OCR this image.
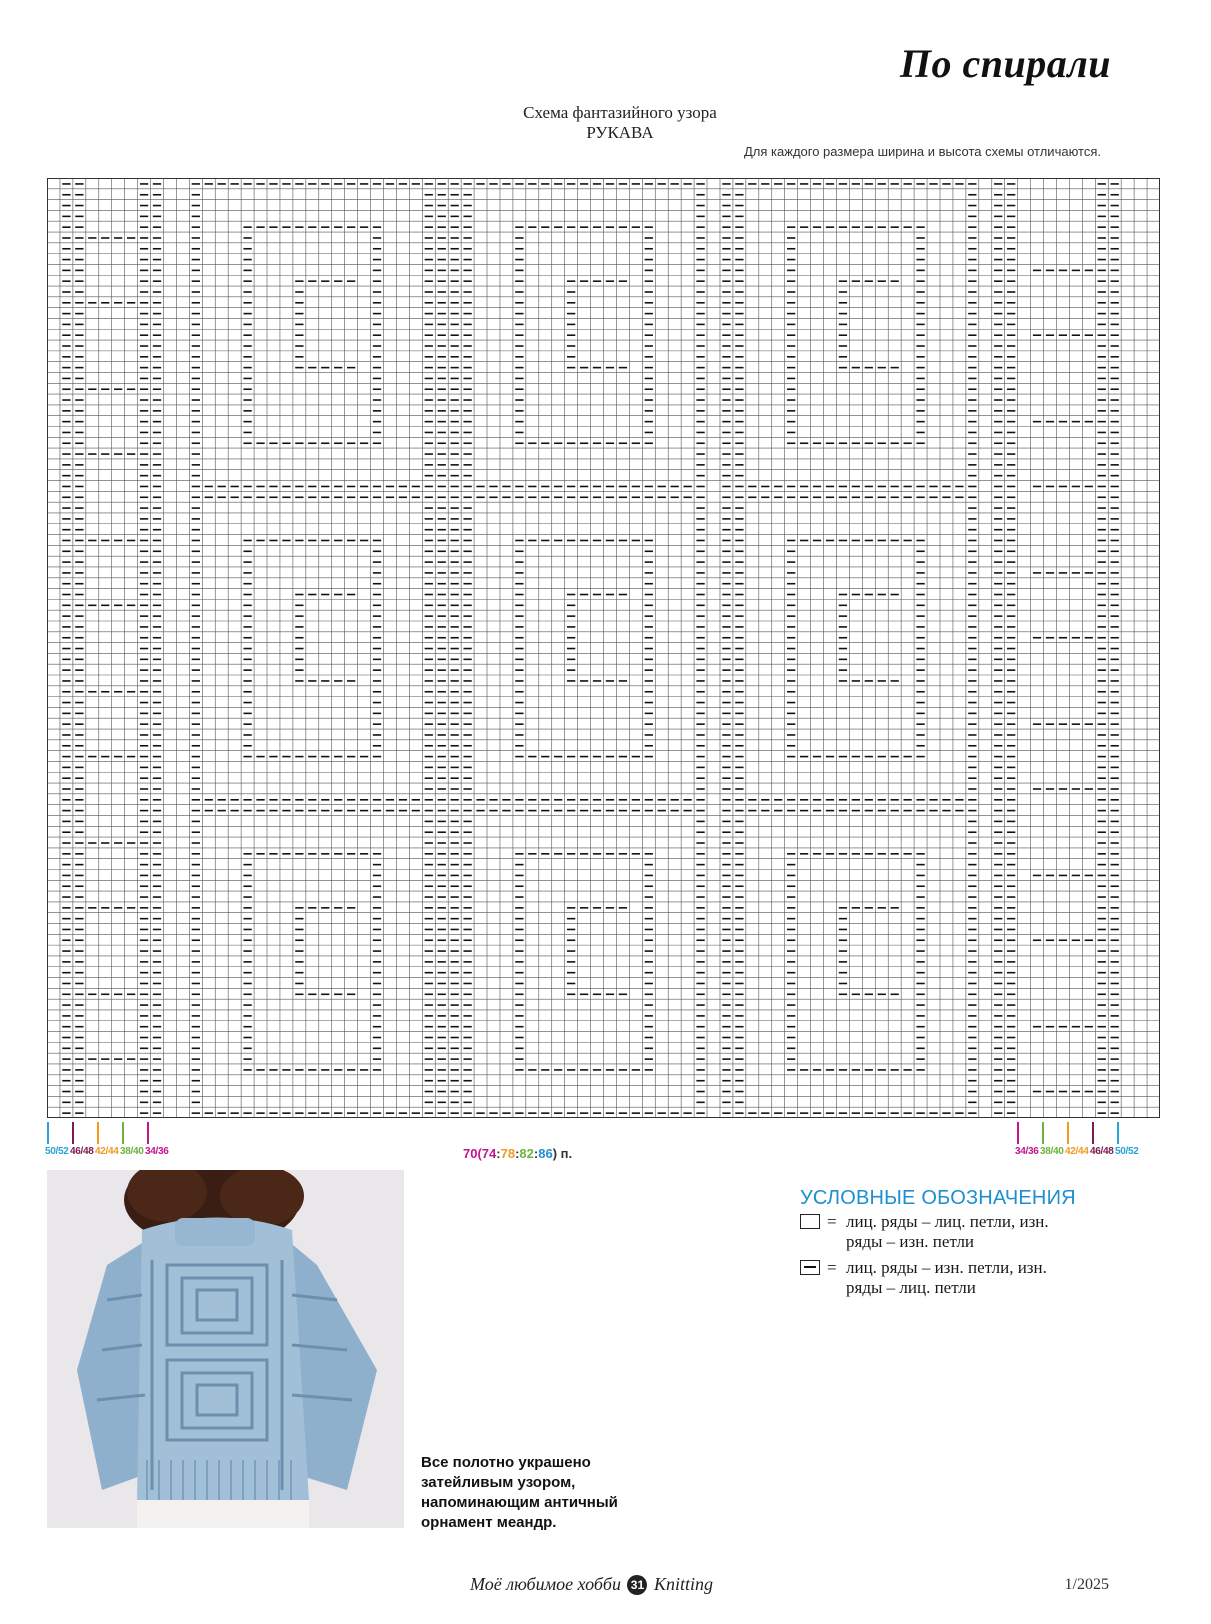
По спирали
Схема фантазийного узора
РУКАВА
Для каждого размера ширина и высота схемы отличаются.
50/52 46/48 42/44 38/40 34/36	34/36 38/40 42/44 46/48 50/52
70(74:78:82:86) п.
Все полотно украшено
затейливым узором,
напоминающим античный
орнамент меандр.
УСЛОВНЫЕ ОБОЗНАЧЕНИЯ
= лиц. ряды – лиц. петли, изн.
ряды – изн. петли
= лиц. ряды – изн. петли, изн.
ряды – лиц. петли
Моё любимое хобби 31 Knitting	1/2025
